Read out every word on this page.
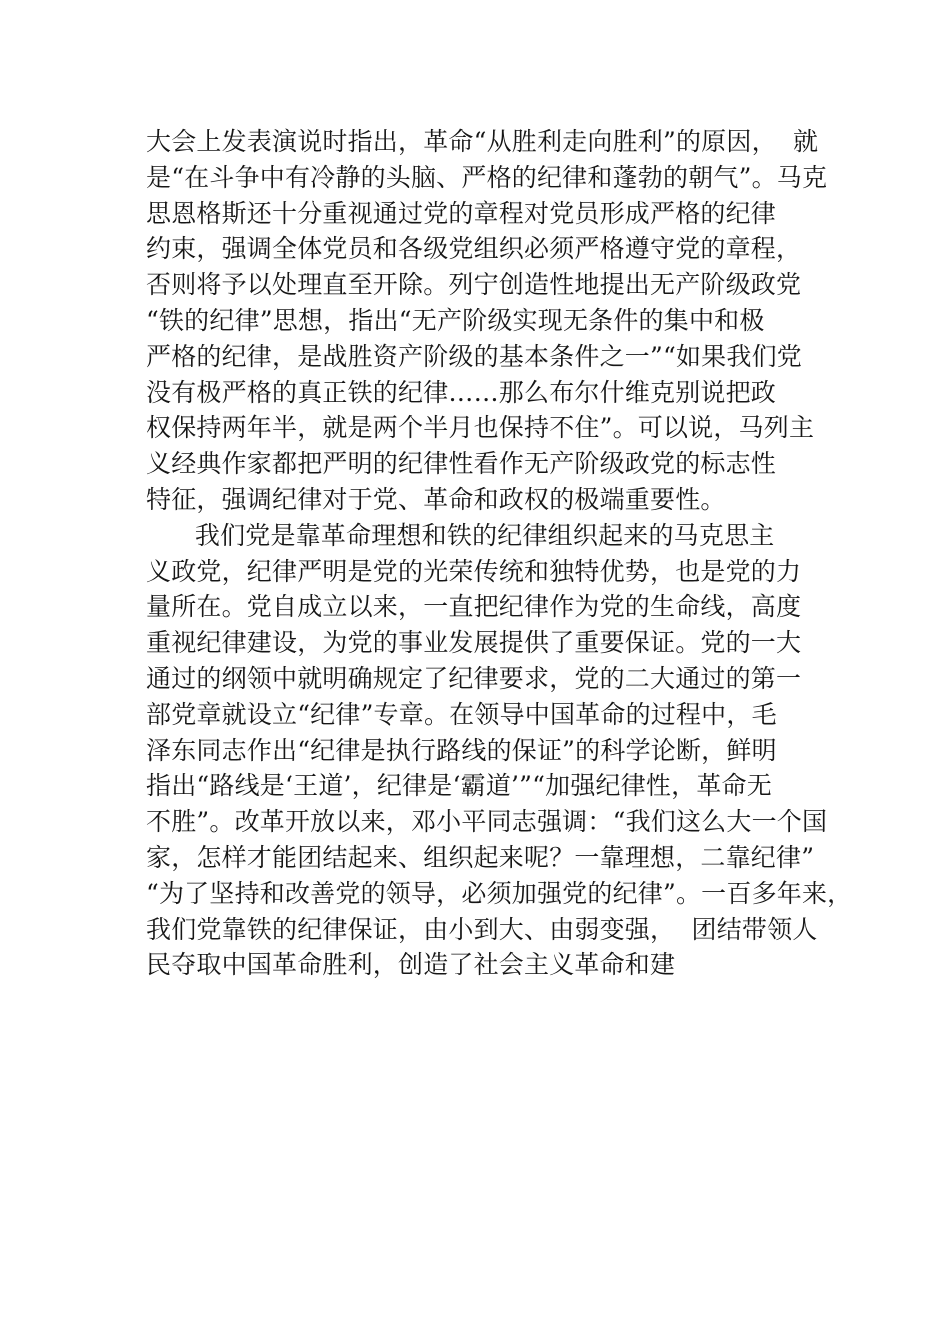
大会上发表演说时指出，革命“从胜利走向胜利”的原因，  就
是“在斗争中有冷静的头脑、严格的纪律和蓬勃的朝气”。马克
思恩格斯还十分重视通过党的章程对党员形成严格的纪律
约束，强调全体党员和各级党组织必须严格遵守党的章程，
否则将予以处理直至开除。列宁创造性地提出无产阶级政党
“铁的纪律”思想，指出“无产阶级实现无条件的集中和极
严格的纪律，是战胜资产阶级的基本条件之一”“如果我们党
没有极严格的真正铁的纪律……那么布尔什维克别说把政
权保持两年半，就是两个半月也保持不住”。可以说，马列主
义经典作家都把严明的纪律性看作无产阶级政党的标志性
特征，强调纪律对于党、革命和政权的极端重要性。
我们党是靠革命理想和铁的纪律组织起来的马克思主
义政党，纪律严明是党的光荣传统和独特优势，也是党的力
量所在。党自成立以来，一直把纪律作为党的生命线，高度
重视纪律建设，为党的事业发展提供了重要保证。党的一大
通过的纲领中就明确规定了纪律要求，党的二大通过的第一
部党章就设立“纪律”专章。在领导中国革命的过程中，毛
泽东同志作出“纪律是执行路线的保证”的科学论断，鲜明
指出“路线是‘王道’，纪律是‘霸道’”“加强纪律性，革命无
不胜”。改革开放以来，邓小平同志强调：“我们这么大一个国
家，怎样才能团结起来、组织起来呢？一靠理想，二靠纪律”
“为了坚持和改善党的领导，必须加强党的纪律”。一百多年来，
我们党靠铁的纪律保证，由小到大、由弱变强，  团结带领人
民夺取中国革命胜利，创造了社会主义革命和建
